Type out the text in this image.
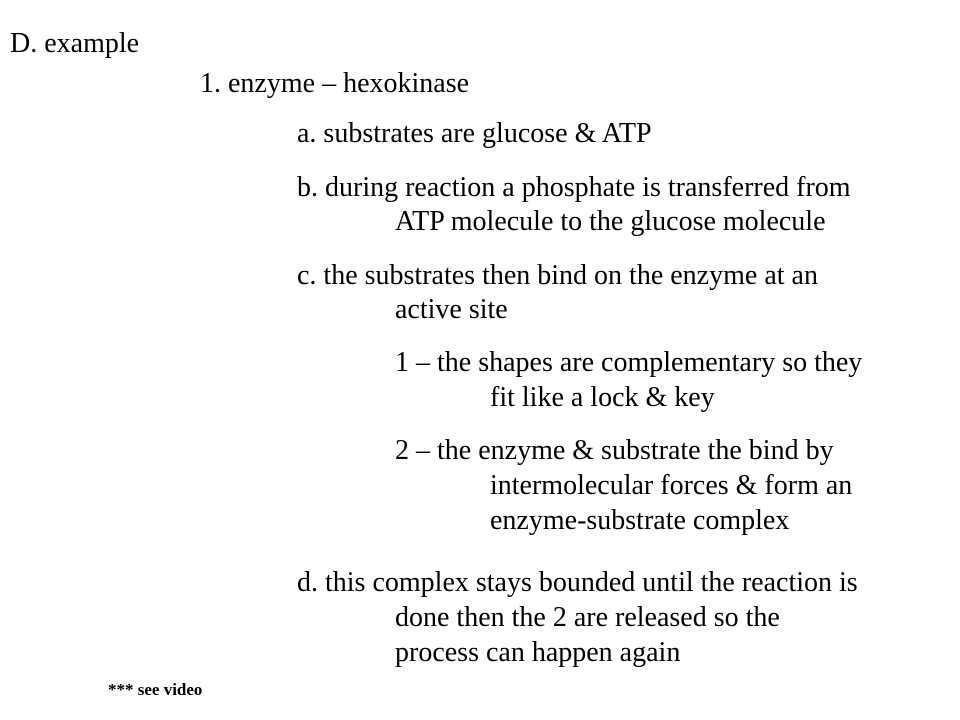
D. example

1. enzyme – hexokinase

a. substrates are glucose & ATP

b. during reaction a phosphate is transferred from

ATP molecule to the glucose molecule

c. the substrates then bind on the enzyme at an

active site

1 – the shapes are complementary so they

fit like a lock & key

2 – the enzyme & substrate the bind by

intermolecular forces & form an

enzyme-substrate complex

d. this complex stays bounded until the reaction is

done then the 2 are released so the

process can happen again

*** see video
